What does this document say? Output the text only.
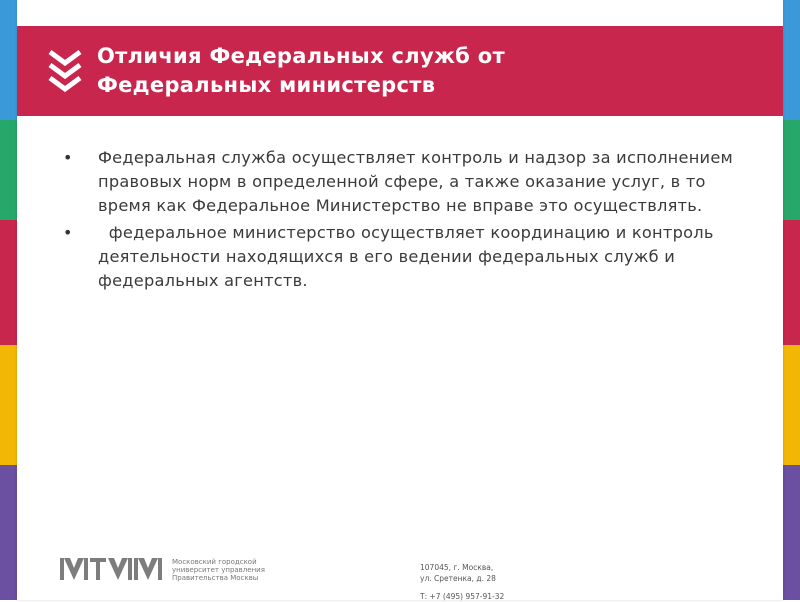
Отличия Федеральных служб от
Федеральных министерств
• Федеральная служба осуществляет контроль и надзор за исполнением правовых норм в определенной сфере, а также оказание услуг, в то время как Федеральное Министерство не вправе это осуществлять.
• федеральное министерство осуществляет координацию и контроль деятельности находящихся в его ведении федеральных служб и федеральных агентств.
Московский городской
университет управления
Правительства Москвы
107045, г. Москва,
ул. Сретенка, д. 28
Т: +7 (495) 957-91-32
